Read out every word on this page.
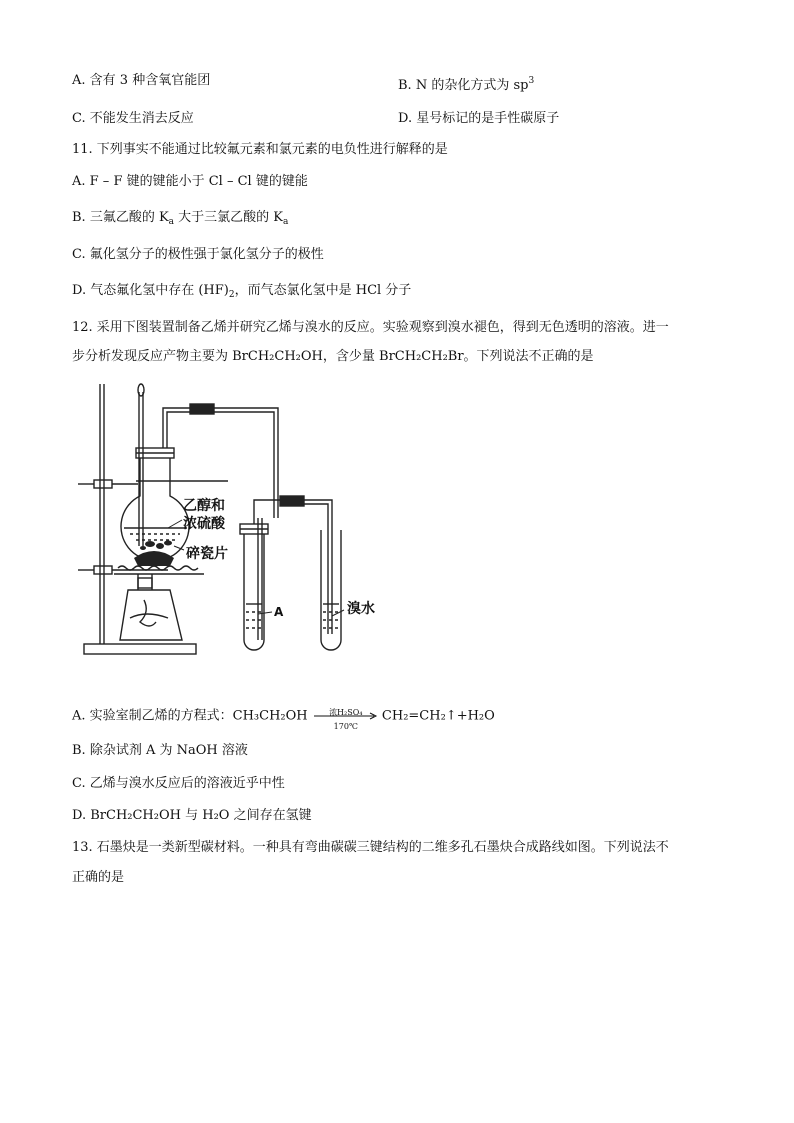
A. 含有 3 种含氧官能团	B. N 的杂化方式为 $sp^3$
C. 不能发生消去反应	D. 星号标记的是手性碳原子
11. 下列事实不能通过比较氟元素和氯元素的电负性进行解释的是
A. F – F 键的键能小于 Cl – Cl 键的键能
B. 三氟乙酸的 $K_a$ 大于三氯乙酸的 $K_a$
C. 氟化氢分子的极性强于氯化氢分子的极性
D. 气态氟化氢中存在 $(HF)_2$，而气态氯化氢中是 HCl 分子
12. 采用下图装置制备乙烯并研究乙烯与溴水的反应。实验观察到溴水褪色，得到无色透明的溶液。进一
步分析发现反应产物主要为 BrCH₂CH₂OH，含少量 BrCH₂CH₂Br。下列说法不正确的是
乙醇和
浓硫酸
碎瓷片
A	溴水
A. 实验室制乙烯的方程式：CH₃CH₂OH	浓H₂SO₄
170℃
CH₂=CH₂↑+H₂O
B. 除杂试剂 A 为 NaOH 溶液
C. 乙烯与溴水反应后的溶液近乎中性
D. BrCH₂CH₂OH 与 H₂O 之间存在氢键
13. 石墨炔是一类新型碳材料。一种具有弯曲碳碳三键结构的二维多孔石墨炔合成路线如图。下列说法不
正确的是
